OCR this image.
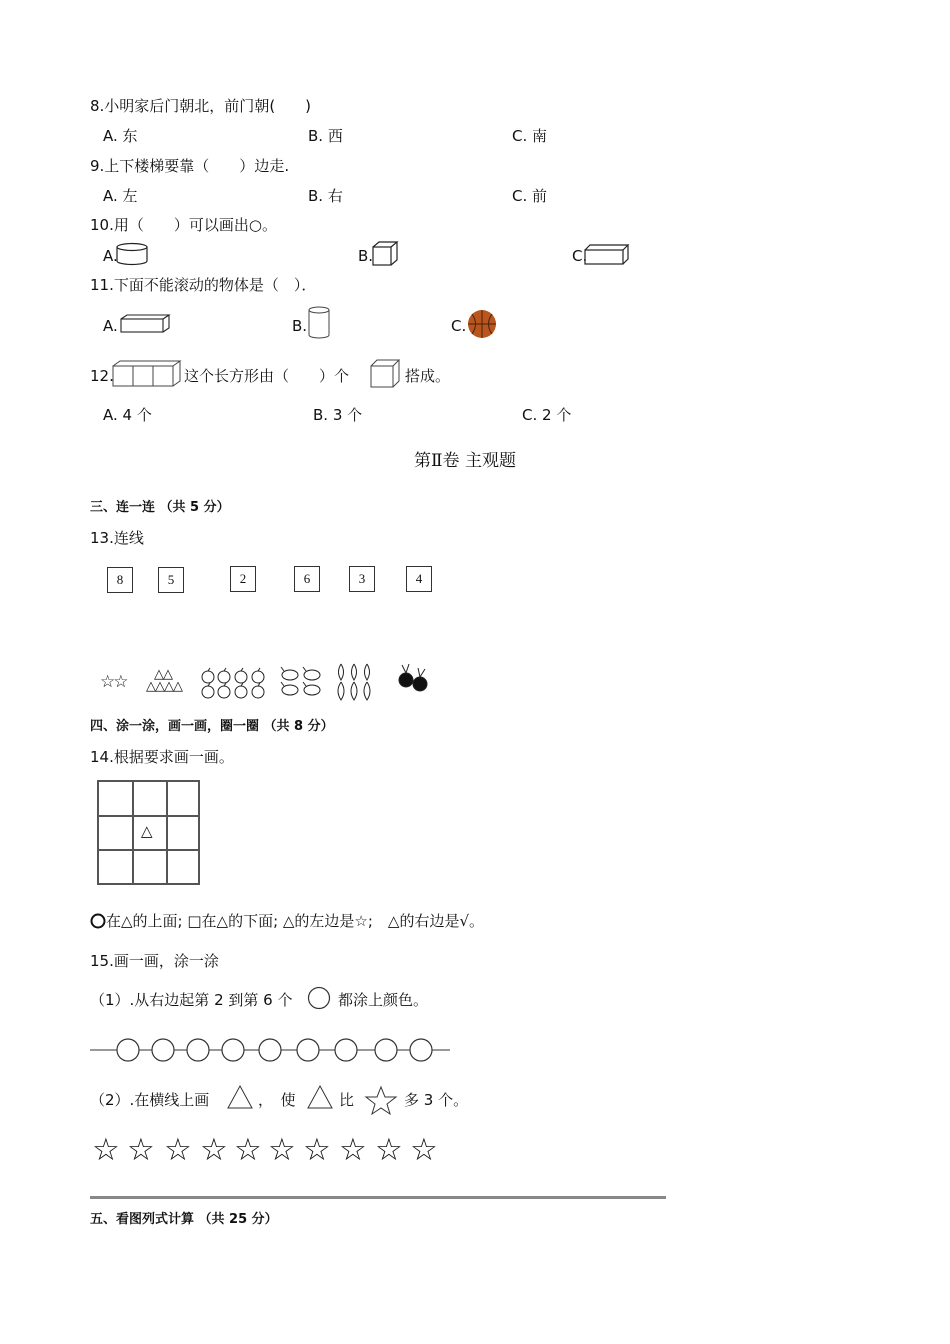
8.小明家后门朝北，前门朝(　　)
A. 东	B. 西	C. 南
9.上下楼梯要靠（　　）边走.
A. 左	B. 右	C. 前
10.用（　　）可以画出○。
A.	B.	C.
11.下面不能滚动的物体是（　）．
A.	B.	C.
12.	这个长方形由（　　）个	搭成。
A. 4 个	B. 3 个	C. 2 个
第Ⅱ卷 主观题
三、连一连 （共 5 分）
13.连线
8	5	2	6	3	4
☆☆ △△
△△△△
四、涂一涂，画一画，圈一圈 （共 8 分）
14.根据要求画一画。
△
在△的上面; □在△的下面; △的左边是☆;　△的右边是√。
15.画一画，涂一涂
（1）.从右边起第 2 到第 6 个	都涂上颜色。
（2）.在横线上画	，　使	比	多 3 个。
☆ ☆ ☆ ☆ ☆ ☆ ☆ ☆ ☆ ☆
五、看图列式计算 （共 25 分）
